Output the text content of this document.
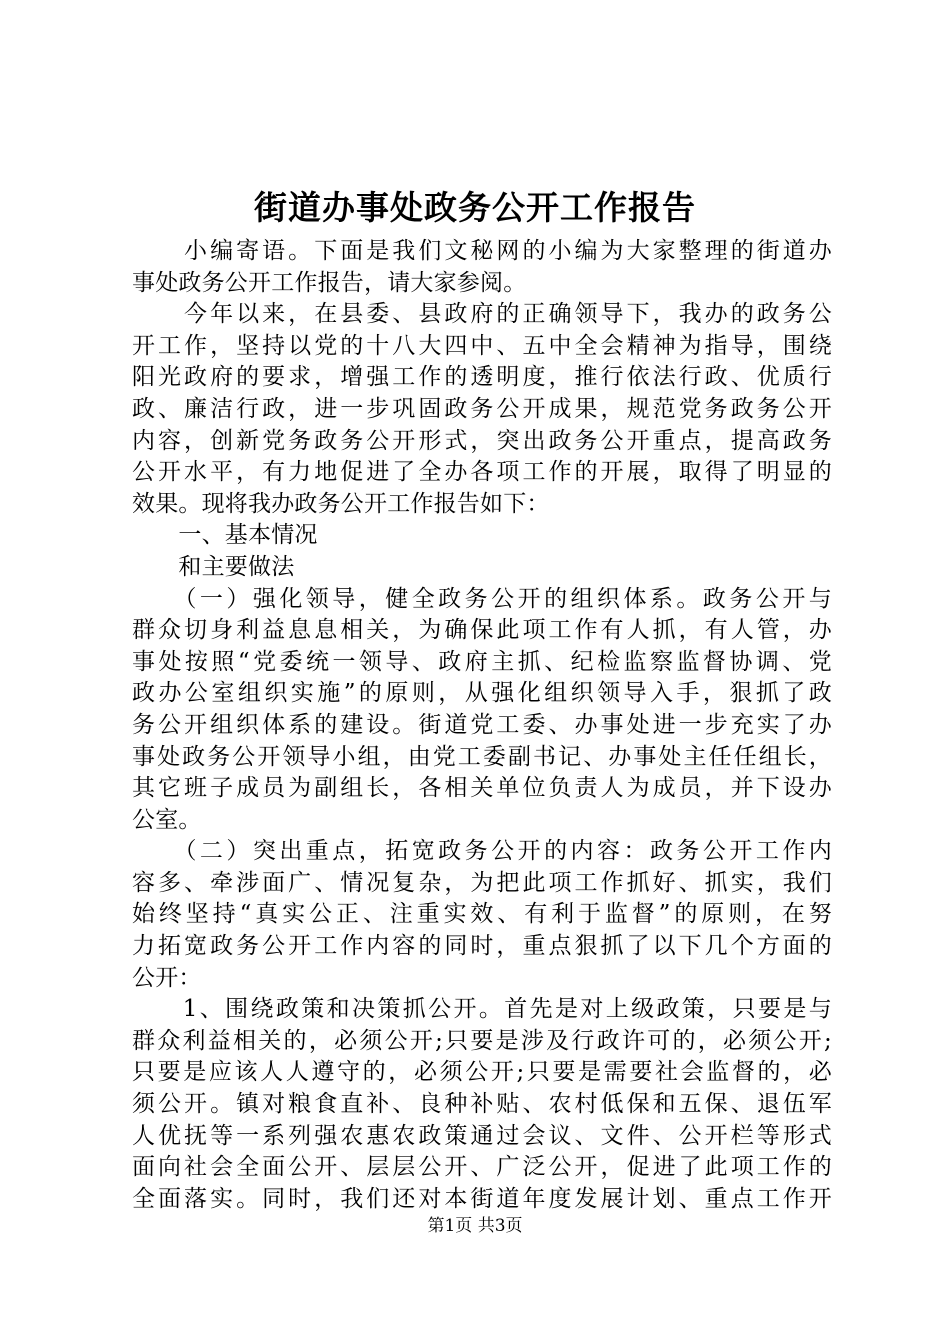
街道办事处政务公开工作报告
　　小编寄语。下面是我们文秘网的小编为大家整理的街道办
事处政务公开工作报告，请大家参阅。
　　今年以来，在县委、县政府的正确领导下，我办的政务公
开工作，坚持以党的十八大四中、五中全会精神为指导，围绕
阳光政府的要求，增强工作的透明度，推行依法行政、优质行
政、廉洁行政，进一步巩固政务公开成果，规范党务政务公开
内容，创新党务政务公开形式，突出政务公开重点，提高政务
公开水平，有力地促进了全办各项工作的开展，取得了明显的
效果。现将我办政务公开工作报告如下：
　　一、基本情况
　　和主要做法
　　（一）强化领导，健全政务公开的组织体系。政务公开与
群众切身利益息息相关，为确保此项工作有人抓，有人管，办
事处按照“党委统一领导、政府主抓、纪检监察监督协调、党
政办公室组织实施”的原则，从强化组织领导入手，狠抓了政
务公开组织体系的建设。街道党工委、办事处进一步充实了办
事处政务公开领导小组，由党工委副书记、办事处主任任组长，
其它班子成员为副组长，各相关单位负责人为成员，并下设办
公室。
　　（二）突出重点，拓宽政务公开的内容：政务公开工作内
容多、牵涉面广、情况复杂，为把此项工作抓好、抓实，我们
始终坚持“真实公正、注重实效、有利于监督”的原则，在努
力拓宽政务公开工作内容的同时，重点狠抓了以下几个方面的
公开：
　　1、围绕政策和决策抓公开。首先是对上级政策，只要是与
群众利益相关的，必须公开;只要是涉及行政许可的，必须公开;
只要是应该人人遵守的，必须公开;只要是需要社会监督的，必
须公开。镇对粮食直补、良种补贴、农村低保和五保、退伍军
人优抚等一系列强农惠农政策通过会议、文件、公开栏等形式
面向社会全面公开、层层公开、广泛公开，促进了此项工作的
全面落实。同时，我们还对本街道年度发展计划、重点工作开
第1页 共3页
